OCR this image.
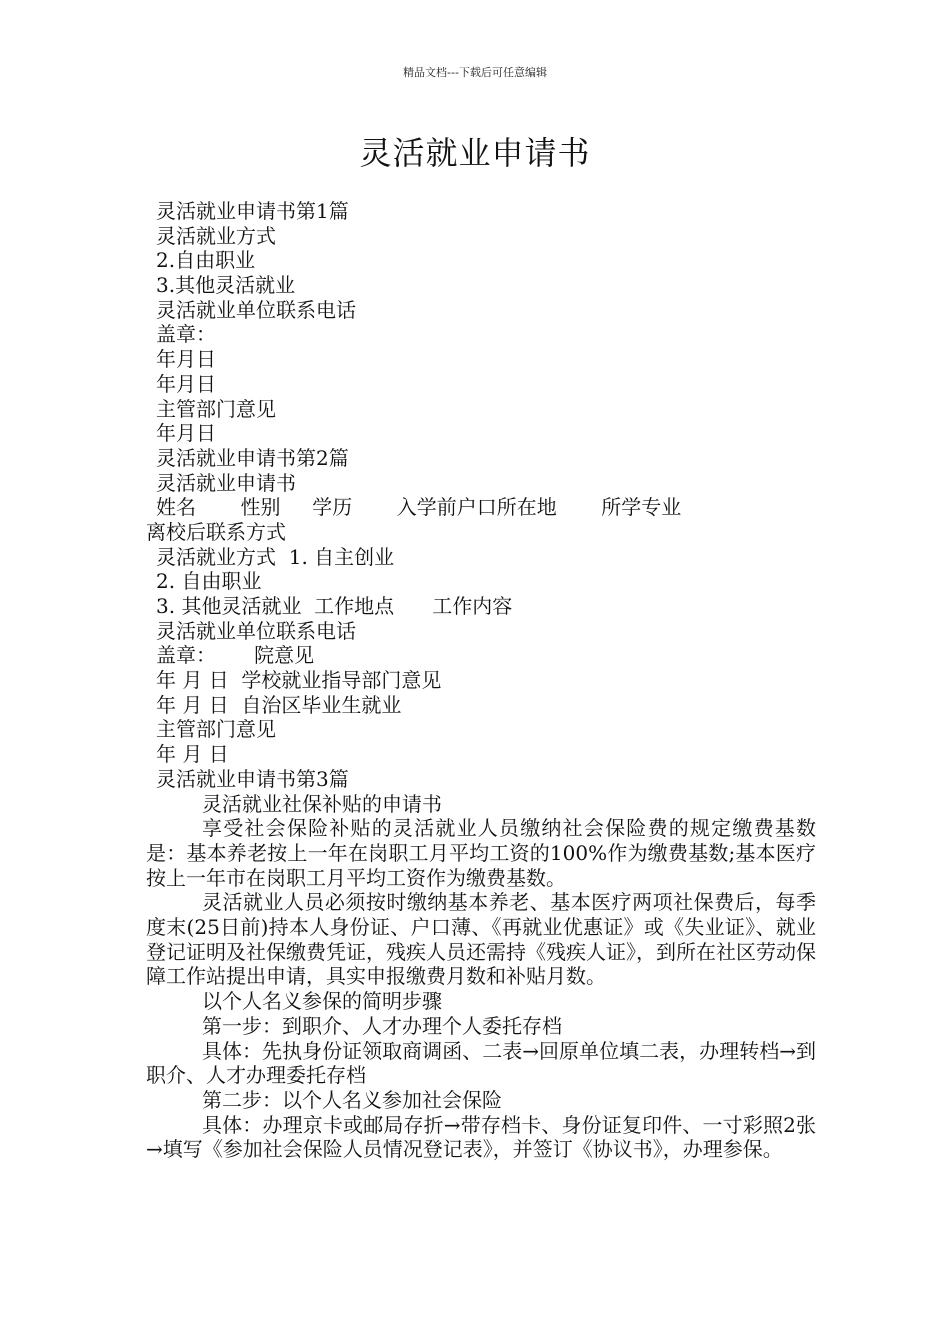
精品文档---下载后可任意编辑
灵活就业申请书
灵活就业申请书第1篇
灵活就业方式
2.自由职业
3.其他灵活就业
灵活就业单位联系电话
盖章：
年月日
年月日
主管部门意见
年月日
灵活就业申请书第2篇
灵活就业申请书
姓名       性别     学历       入学前户口所在地       所学专业
离校后联系方式
灵活就业方式  1. 自主创业
2. 自由职业
3. 其他灵活就业  工作地点      工作内容
灵活就业单位联系电话
盖章：      院意见
年 月 日  学校就业指导部门意见
年 月 日  自治区毕业生就业
主管部门意见
年 月 日
灵活就业申请书第3篇
灵活就业社保补贴的申请书
享受社会保险补贴的灵活就业人员缴纳社会保险费的规定缴费基数是：基本养老按上一年在岗职工月平均工资的100%作为缴费基数;基本医疗按上一年市在岗职工月平均工资作为缴费基数。
灵活就业人员必须按时缴纳基本养老、基本医疗两项社保费后，每季度末(25日前)持本人身份证、户口薄、《再就业优惠证》或《失业证》、就业登记证明及社保缴费凭证，残疾人员还需持《残疾人证》，到所在社区劳动保障工作站提出申请，具实申报缴费月数和补贴月数。
以个人名义参保的简明步骤
第一步：到职介、人才办理个人委托存档
具体：先执身份证领取商调函、二表→回原单位填二表，办理转档→到职介、人才办理委托存档
第二步：以个人名义参加社会保险
具体：办理京卡或邮局存折→带存档卡、身份证复印件、一寸彩照2张→填写《参加社会保险人员情况登记表》，并签订《协议书》，办理参保。
